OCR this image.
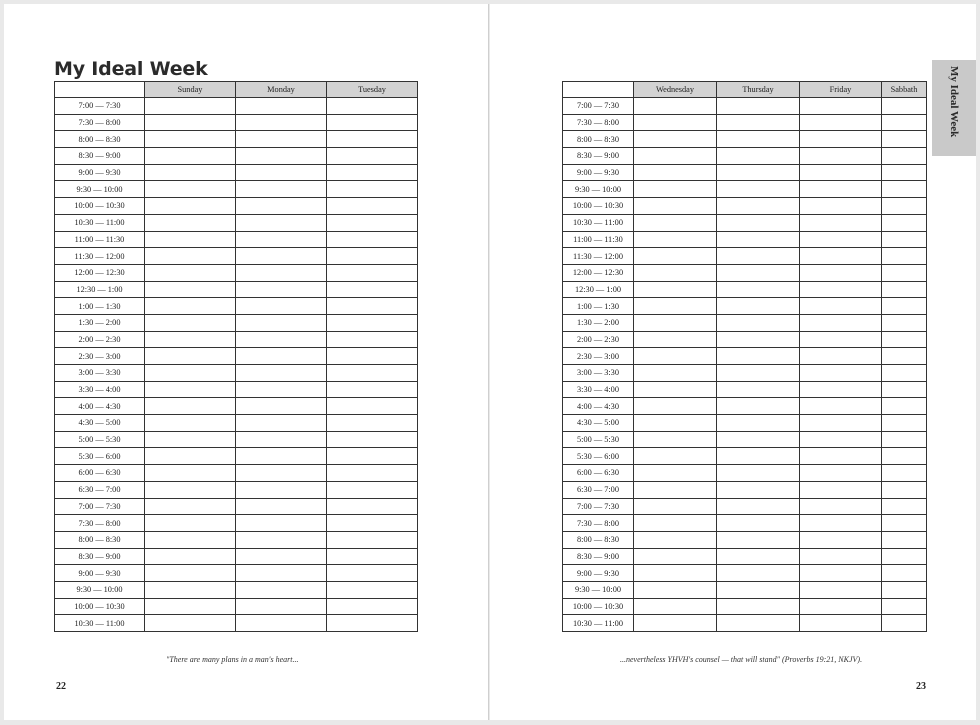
My Ideal Week
	Sunday	Monday	Tuesday
7:00 — 7:30			
7:30 — 8:00			
8:00 — 8:30			
8:30 — 9:00			
9:00 — 9:30			
9:30 — 10:00			
10:00 — 10:30			
10:30 — 11:00			
11:00 — 11:30			
11:30 — 12:00			
12:00 — 12:30			
12:30 — 1:00			
1:00 — 1:30			
1:30 — 2:00			
2:00 — 2:30			
2:30 — 3:00			
3:00 — 3:30			
3:30 — 4:00			
4:00 — 4:30			
4:30 — 5:00			
5:00 — 5:30			
5:30 — 6:00			
6:00 — 6:30			
6:30 — 7:00			
7:00 — 7:30			
7:30 — 8:00			
8:00 — 8:30			
8:30 — 9:00			
9:00 — 9:30			
9:30 — 10:00			
10:00 — 10:30			
10:30 — 11:00			
"There are many plans in a man's heart...
22
My Ideal Week
	Wednesday	Thursday	Friday	Sabbath
7:00 — 7:30				
7:30 — 8:00				
8:00 — 8:30				
8:30 — 9:00				
9:00 — 9:30				
9:30 — 10:00				
10:00 — 10:30				
10:30 — 11:00				
11:00 — 11:30				
11:30 — 12:00				
12:00 — 12:30				
12:30 — 1:00				
1:00 — 1:30				
1:30 — 2:00				
2:00 — 2:30				
2:30 — 3:00				
3:00 — 3:30				
3:30 — 4:00				
4:00 — 4:30				
4:30 — 5:00				
5:00 — 5:30				
5:30 — 6:00				
6:00 — 6:30				
6:30 — 7:00				
7:00 — 7:30				
7:30 — 8:00				
8:00 — 8:30				
8:30 — 9:00				
9:00 — 9:30				
9:30 — 10:00				
10:00 — 10:30				
10:30 — 11:00				
...nevertheless YHVH's counsel — that will stand" (Proverbs 19:21, NKJV).
23
